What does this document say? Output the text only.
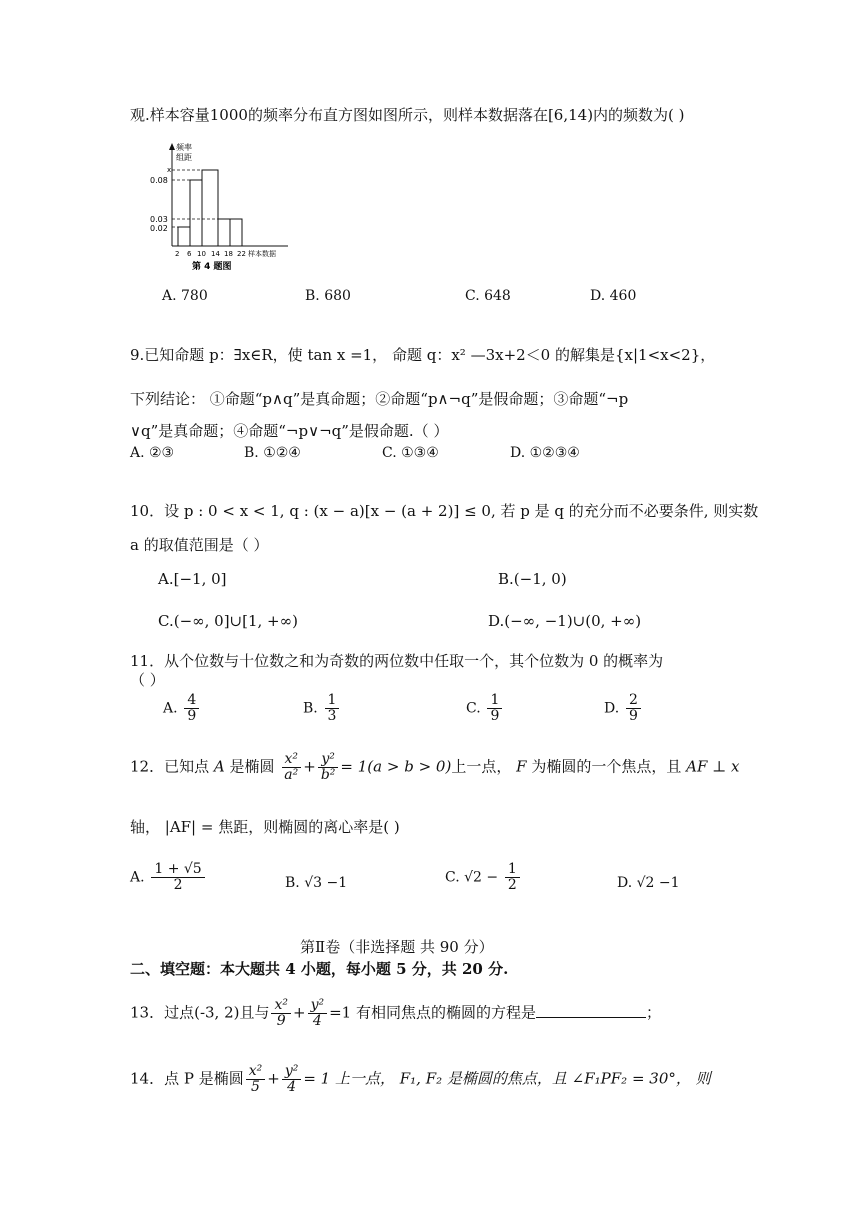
观.样本容量1000的频率分布直方图如图所示，则样本数据落在[6,14)内的频数为( )
频率
组距
x
0.08
0.03
0.02
2 6 10 14 18 22 样本数据
第 4 题图
A. 780	B. 680	C. 648	D. 460
9.已知命题 p：∃x∈R，使 tan x =1， 命题 q：x² —3x+2＜0 的解集是{x|1<x<2}，
下列结论： ①命题“p∧q”是真命题；②命题“p∧¬q”是假命题；③命题“¬p
∨q”是真命题；④命题“¬p∨¬q”是假命题.（ ）
A. ②③	B. ①②④	C. ①③④	D. ①②③④
10．设 p : 0 < x < 1, q : (x − a)[x − (a + 2)] ≤ 0, 若 p 是 q 的充分而不必要条件, 则实数
a 的取值范围是（ ）
A.[−1, 0]	B.(−1, 0)
C.(−∞, 0]∪[1, +∞)	D.(−∞, −1)∪(0, +∞)
11．从个位数与十位数之和为奇数的两位数中任取一个，其个位数为 0 的概率为
（ ）
A. $\frac{4}{9}$	B. $\frac{1}{3}$	C. $\frac{1}{9}$	D. $\frac{2}{9}$
12．已知点 A 是椭圆 $\frac{\text{x²}}{\text{a²}} + \frac{\text{y²}}{\text{b²}} = 1(a > b > 0)$上一点， F 为椭圆的一个焦点，且 AF ⊥ x
轴， |AF| = 焦距，则椭圆的离心率是( )
A. $\frac{1 + √5}{2}$	B. √3 −1	C. $√2 - \frac{1}{2}$	D. √2 −1
第Ⅱ卷（非选择题 共 90 分）
二、填空题：本大题共 4 小题，每小题 5 分，共 20 分.
13．过点(-3, 2)且与 $\frac{\text{x²}}{9} + \frac{\text{y²}}{4} =1$ 有相同焦点的椭圆的方程是	；
14．点 P 是椭圆 $\frac{\text{x²}}{5} + \frac{\text{y²}}{4} = 1$ 上一点， F₁, F₂ 是椭圆的焦点，且 ∠F₁PF₂ = 30°， 则
